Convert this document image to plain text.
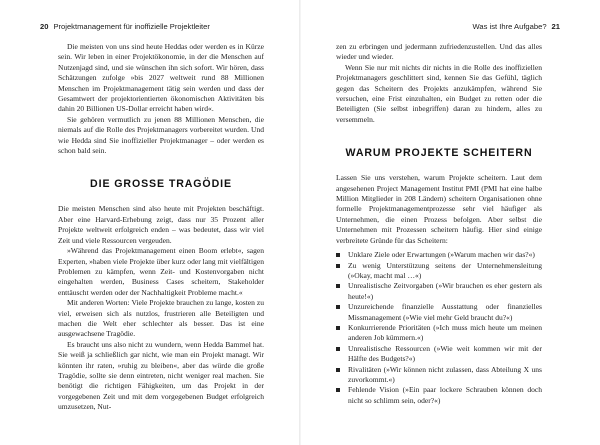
20 Projektmanagement für inoffizielle Projektleiter

Die meisten von uns sind heute Heddas oder werden es in Kürze sein. Wir leben in einer Projektökonomie, in der die Menschen auf Nutzenjagd sind, und sie wünschen ihn sich sofort. Wir hören, dass Schätzungen zufolge »bis 2027 weltweit rund 88 Millionen Menschen im Projektmanagement tätig sein werden und dass der Gesamtwert der projektorientierten ökonomischen Aktivitäten bis dahin 20 Billionen US-Dollar erreicht haben wird«.

Sie gehören vermutlich zu jenen 88 Millionen Menschen, die niemals auf die Rolle des Projektmanagers vorbereitet wurden. Und wie Hedda sind Sie inoffizieller Projektmanager – oder werden es schon bald sein.

DIE GROSSE TRAGÖDIE

Die meisten Menschen sind also heute mit Projekten beschäftigt. Aber eine Harvard-Erhebung zeigt, dass nur 35 Prozent aller Projekte weltweit erfolgreich enden – was bedeutet, dass wir viel Zeit und viele Ressourcen vergeuden.

»Während das Projektmanagement einen Boom erlebt«, sagen Experten, »haben viele Projekte über kurz oder lang mit vielfältigen Problemen zu kämpfen, wenn Zeit- und Kostenvorgaben nicht eingehalten werden, Business Cases scheitern, Stakeholder enttäuscht werden oder der Nachhaltigkeit Probleme macht.«

Mit anderen Worten: Viele Projekte brauchen zu lange, kosten zu viel, erweisen sich als nutzlos, frustrieren alle Beteiligten und machen die Welt eher schlechter als besser. Das ist eine ausgewachsene Tragödie.

Es braucht uns also nicht zu wundern, wenn Hedda Bammel hat. Sie weiß ja schließlich gar nicht, wie man ein Projekt managt. Wir könnten ihr raten, »ruhig zu bleiben«, aber das würde die große Tragödie, sollte sie denn eintreten, nicht weniger real machen. Sie benötigt die richtigen Fähigkeiten, um das Projekt in der vorgegebenen Zeit und mit dem vorgegebenen Budget erfolgreich umzusetzen, Nut-

Was ist Ihre Aufgabe? 21

zen zu erbringen und jedermann zufriedenzustellen. Und das alles wieder und wieder.

Wenn Sie nur mit nichts dir nichts in die Rolle des inoffiziellen Projektmanagers geschlittert sind, kennen Sie das Gefühl, täglich gegen das Scheitern des Projekts anzukämpfen, während Sie versuchen, eine Frist einzuhalten, ein Budget zu retten oder die Beteiligten (Sie selbst inbegriffen) daran zu hindern, alles zu versemmeln.

WARUM PROJEKTE SCHEITERN

Lassen Sie uns verstehen, warum Projekte scheitern. Laut dem angesehenen Project Management Institut PMI (PMI hat eine halbe Million Mitglieder in 208 Ländern) scheitern Organisationen ohne formelle Projektmanagementprozesse sehr viel häufiger als Unternehmen, die einen Prozess befolgen. Aber selbst die Unternehmen mit Prozessen scheitern häufig. Hier sind einige verbreitete Gründe für das Scheitern:

Unklare Ziele oder Erwartungen (»Warum machen wir das?«)
Zu wenig Unterstützung seitens der Unternehmensleitung (»Okay, macht mal …«)
Unrealistische Zeitvorgaben (»Wir brauchen es eher gestern als heute!«)
Unzureichende finanzielle Ausstattung oder finanzielles Missmanagement (»Wie viel mehr Geld braucht du?«)
Konkurrierende Prioritäten (»Ich muss mich heute um meinen anderen Job kümmern.«)
Unrealistische Ressourcen (»Wie weit kommen wir mit der Hälfte des Budgets?«)
Rivalitäten (»Wir können nicht zulassen, dass Abteilung X uns zuvorkommt.«)
Fehlende Vision (»Ein paar lockere Schrauben können doch nicht so schlimm sein, oder?«)
